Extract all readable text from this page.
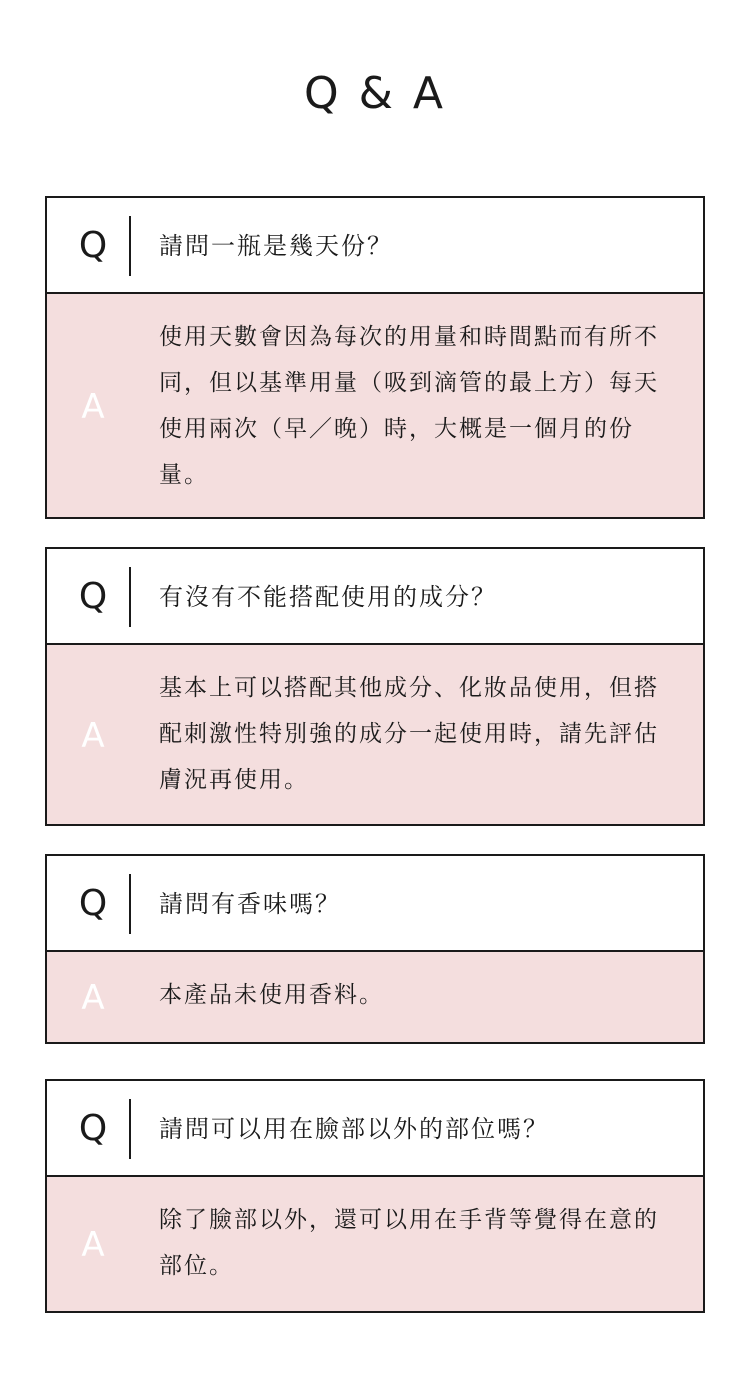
Q & A
Q 請問一瓶是幾天份？
A
使用天數會因為每次的用量和時間點而有所不同，但以基準用量（吸到滴管的最上方）每天使用兩次（早／晚）時，大概是一個月的份量。
Q 有沒有不能搭配使用的成分？
A
基本上可以搭配其他成分、化妝品使用，但搭配刺激性特別強的成分一起使用時，請先評估膚況再使用。
Q 請問有香味嗎？
A 本產品未使用香料。
Q 請問可以用在臉部以外的部位嗎？
A
除了臉部以外，還可以用在手背等覺得在意的部位。
